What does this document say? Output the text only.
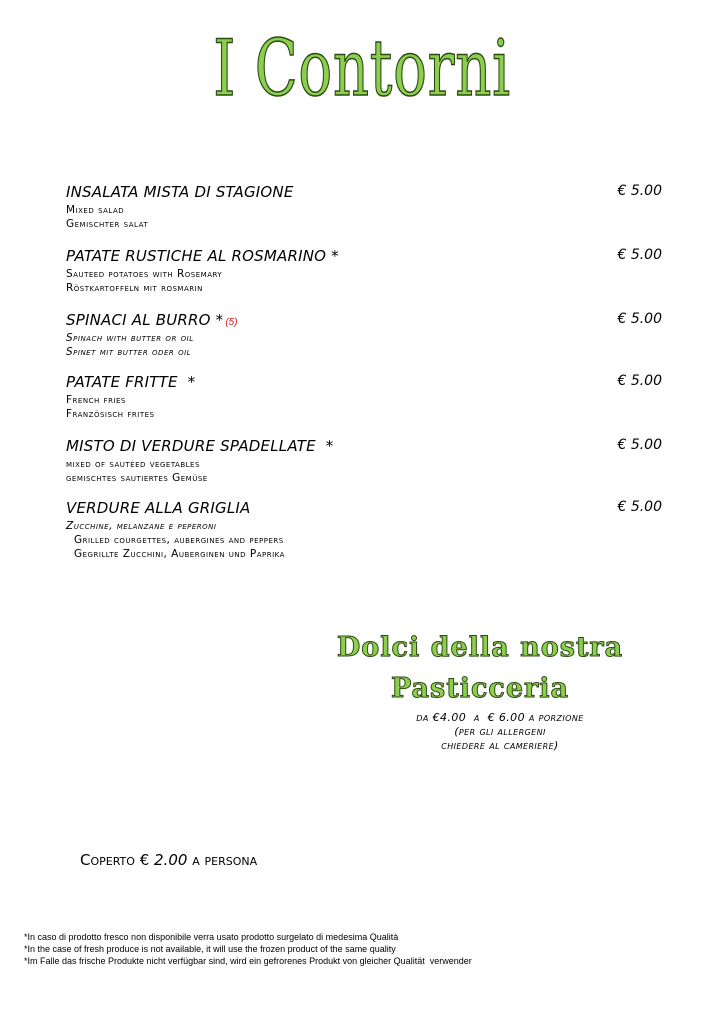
I Contorni
INSALATA MISTA DI STAGIONE	€ 5.00
Mixed salad
Gemischter salat
PATATE RUSTICHE AL ROSMARINO *	€ 5.00
Sauteed potatoes with Rosemary
Röstkartoffeln mit rosmarin
SPINACI AL BURRO * (5)	€ 5.00
Spinach with butter or oil
Spinet mit butter oder oil
PATATE FRITTE  *	€ 5.00
French fries
Französisch frites
MISTO DI VERDURE SPADELLATE  *	€ 5.00
mixed of sautéed vegetables
gemischtes sautiertes Gemüse
VERDURE ALLA GRIGLIA	€ 5.00
Zucchine, melanzane e peperoni
Grilled courgettes, aubergines and peppers
Gegrillte Zucchini, Auberginen und Paprika
Dolci della nostra
Pasticceria
da €4.00  a  € 6.00 a porzione
(per gli allergeni
chiedere al cameriere)
Coperto € 2.00 a persona
*In caso di prodotto fresco non disponibile verra usato prodotto surgelato di medesima Qualità
*In the case of fresh produce is not available, it will use the frozen product of the same quality
*Im Falle das frische Produkte nicht verfügbar sind, wird ein gefrorenes Produkt von gleicher Qualität  verwender
